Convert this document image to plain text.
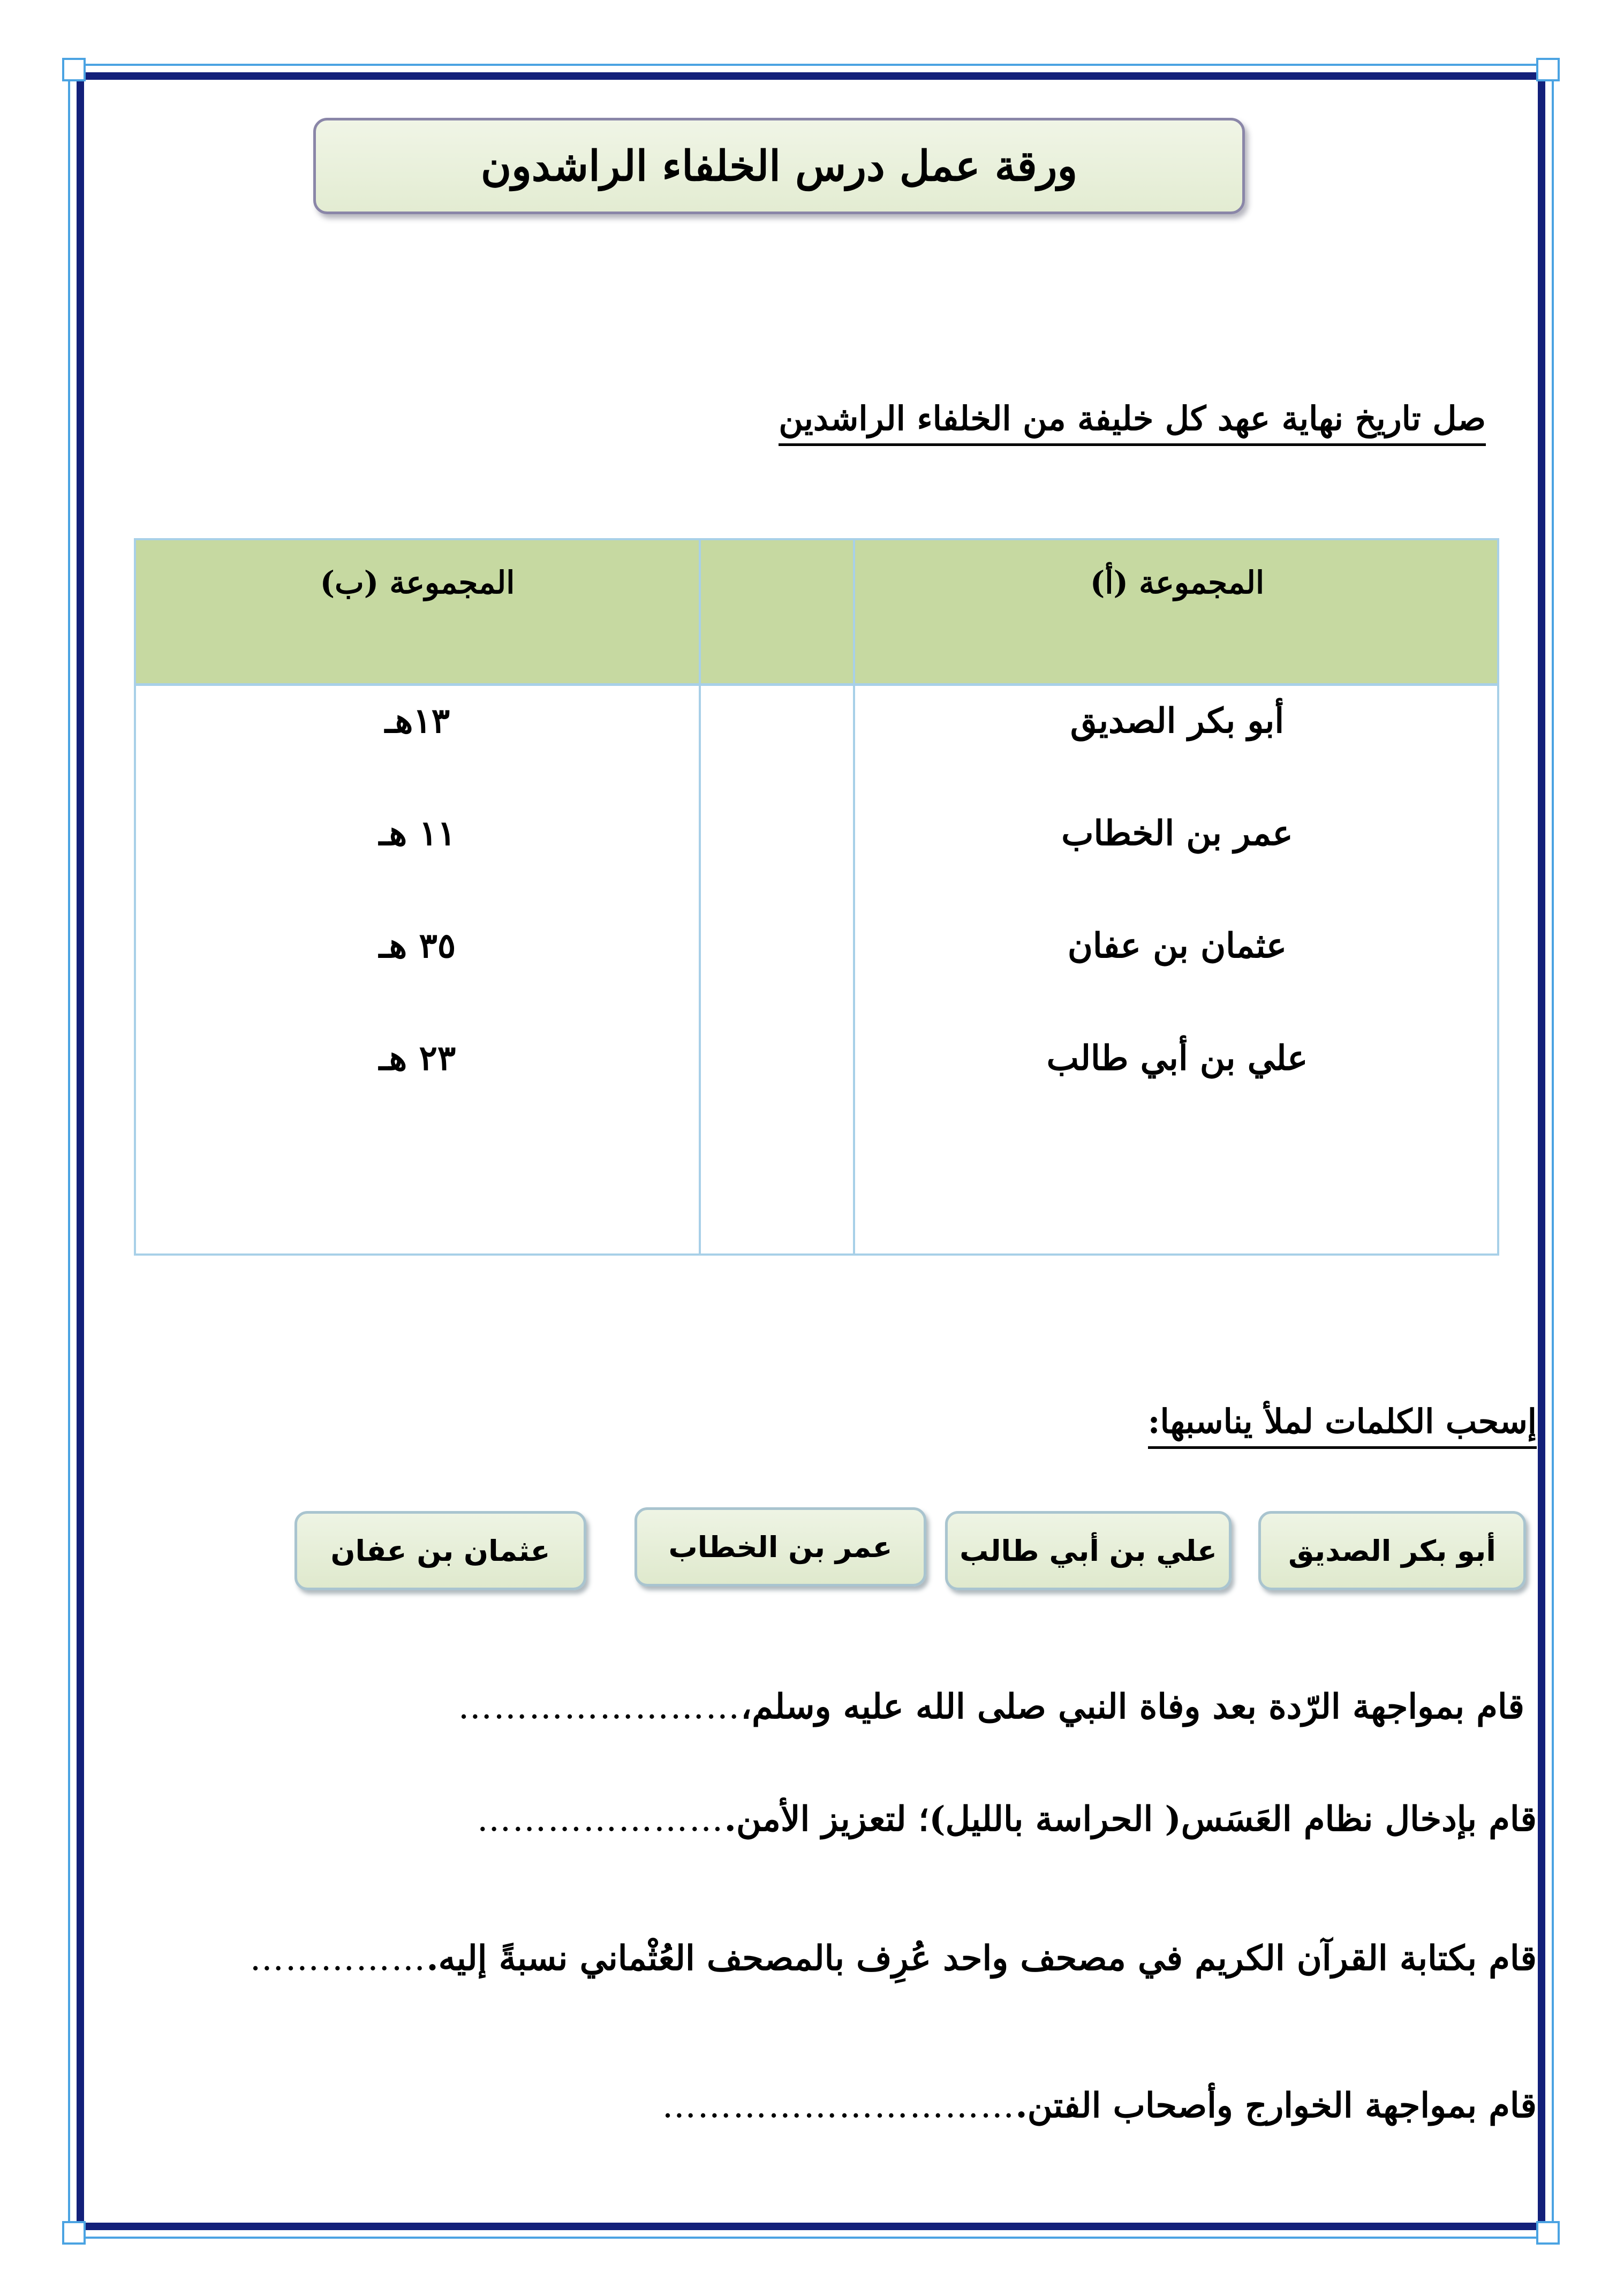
ورقة عمل درس الخلفاء الراشدون
صل تاريخ نهاية عهد كل خليفة من الخلفاء الراشدين
المجموعة (أ)
المجموعة (ب)
أبو بكر الصديق
عمر بن الخطاب
عثمان بن عفان
علي بن أبي طالب
١٣هـ
١١ هـ
٣٥ هـ
٢٣ هـ
إسحب الكلمات لملأ يناسبها:
أبو بكر الصديق
علي بن أبي طالب
عمر بن الخطاب
عثمان بن عفان
قام بمواجهة الرّدة بعد وفاة النبي صلى الله عليه وسلم،……………………
قام بإدخال نظام العَسَس( الحراسة بالليل)؛ لتعزيز الأمن.…………………
قام بكتابة القرآن الكريم في مصحف واحد عُرِف بالمصحف العُثْماني نسبةً إليه.……………
قام بمواجهة الخوارج وأصحاب الفتن.…………………………
